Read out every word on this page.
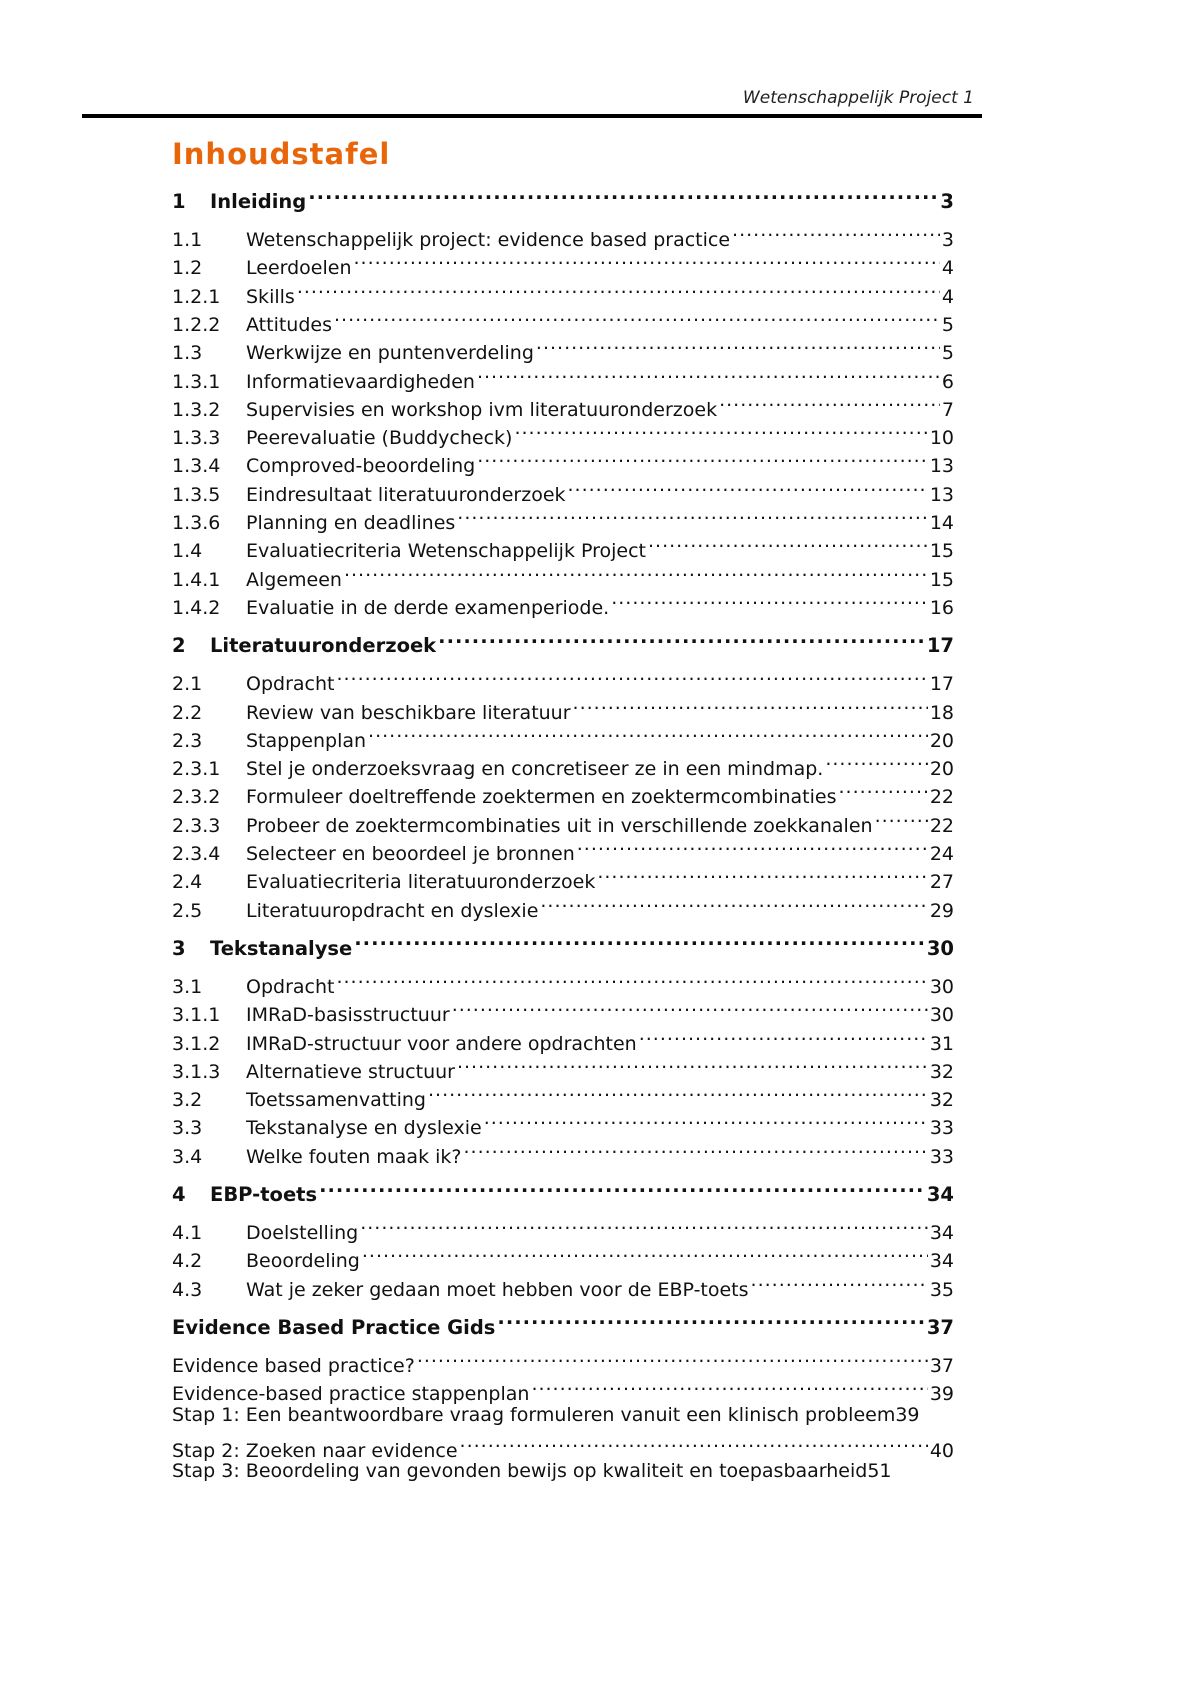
Wetenschappelijk Project 1
Inhoudstafel
1	Inleiding .....	3
1.1	Wetenschappelijk project: evidence based practice .....	3
1.2	Leerdoelen .....	4
1.2.1	Skills .....	4
1.2.2	Attitudes .....	5
1.3	Werkwijze en puntenverdeling .....	5
1.3.1	Informatievaardigheden .....	6
1.3.2	Supervisies en workshop ivm literatuuronderzoek .....	7
1.3.3	Peerevaluatie (Buddycheck) .....	10
1.3.4	Comproved-beoordeling .....	13
1.3.5	Eindresultaat literatuuronderzoek .....	13
1.3.6	Planning en deadlines .....	14
1.4	Evaluatiecriteria Wetenschappelijk Project .....	15
1.4.1	Algemeen .....	15
1.4.2	Evaluatie in de derde examenperiode. .....	16
2	Literatuuronderzoek .....	17
2.1	Opdracht .....	17
2.2	Review van beschikbare literatuur .....	18
2.3	Stappenplan .....	20
2.3.1	Stel je onderzoeksvraag en concretiseer ze in een mindmap. .....	20
2.3.2	Formuleer doeltreffende zoektermen en zoektermcombinaties .....	22
2.3.3	Probeer de zoektermcombinaties uit in verschillende zoekkanalen .....	22
2.3.4	Selecteer en beoordeel je bronnen .....	24
2.4	Evaluatiecriteria literatuuronderzoek .....	27
2.5	Literatuuropdracht en dyslexie .....	29
3	Tekstanalyse .....	30
3.1	Opdracht .....	30
3.1.1	IMRaD-basisstructuur .....	30
3.1.2	IMRaD-structuur voor andere opdrachten .....	31
3.1.3	Alternatieve structuur .....	32
3.2	Toetssamenvatting .....	32
3.3	Tekstanalyse en dyslexie .....	33
3.4	Welke fouten maak ik? .....	33
4	EBP-toets .....	34
4.1	Doelstelling .....	34
4.2	Beoordeling .....	34
4.3	Wat je zeker gedaan moet hebben voor de EBP-toets .....	35
Evidence Based Practice Gids .....	37
Evidence based practice? .....	37
Evidence-based practice stappenplan .....	39
Stap 1: Een beantwoordbare vraag formuleren vanuit een klinisch probleem 39
Stap 2: Zoeken naar evidence .....	40
Stap 3: Beoordeling van gevonden bewijs op kwaliteit en toepasbaarheid 51
